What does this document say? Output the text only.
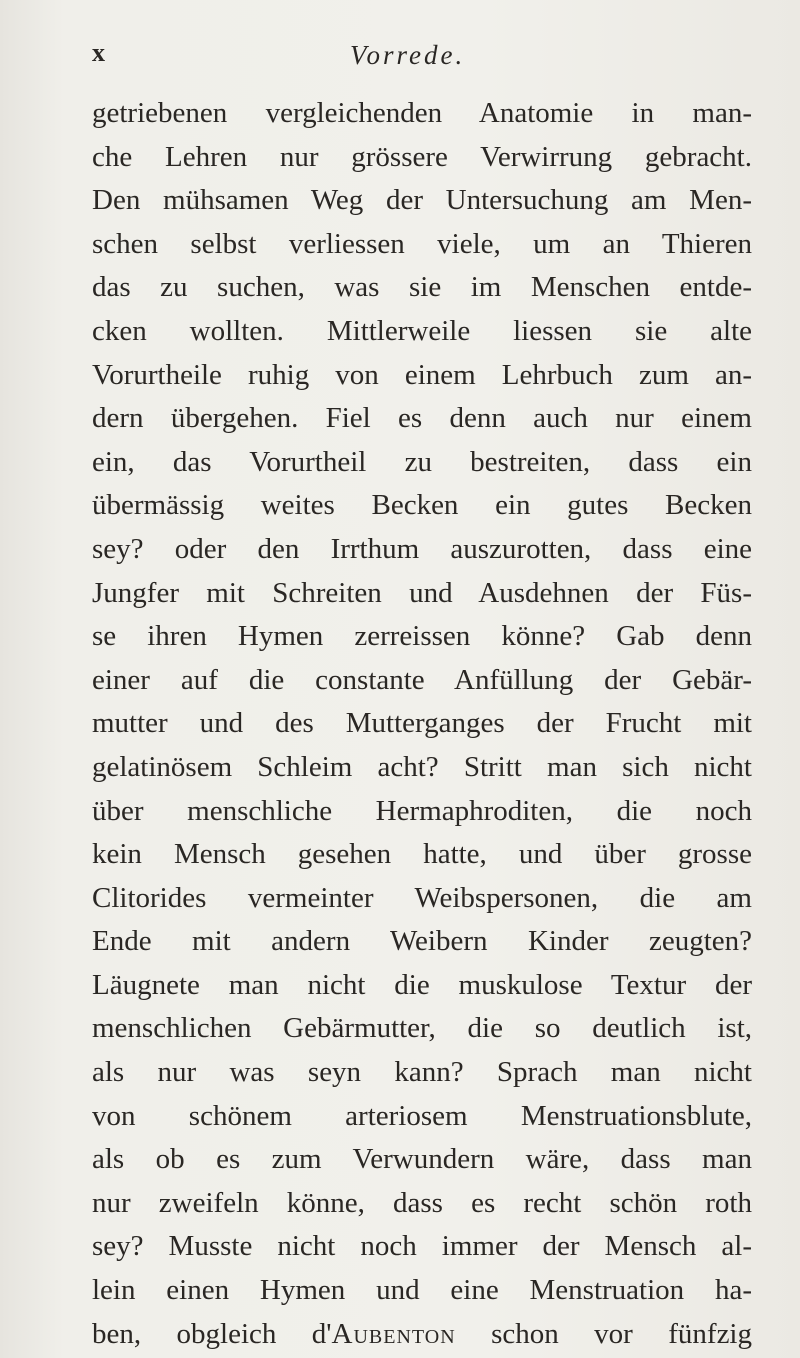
x	Vorrede.
getriebenen vergleichenden Anatomie in man-
che Lehren nur grössere Verwirrung gebracht.
Den mühsamen Weg der Untersuchung am Men-
schen selbst verliessen viele, um an Thieren
das zu suchen, was sie im Menschen entde-
cken wollten. Mittlerweile liessen sie alte
Vorurtheile ruhig von einem Lehrbuch zum an-
dern übergehen. Fiel es denn auch nur einem
ein, das Vorurtheil zu bestreiten, dass ein
übermässig weites Becken ein gutes Becken
sey? oder den Irrthum auszurotten, dass eine
Jungfer mit Schreiten und Ausdehnen der Füs-
se ihren Hymen zerreissen könne? Gab denn
einer auf die constante Anfüllung der Gebär-
mutter und des Mutterganges der Frucht mit
gelatinösem Schleim acht? Stritt man sich nicht
über menschliche Hermaphroditen, die noch
kein Mensch gesehen hatte, und über grosse
Clitorides vermeinter Weibspersonen, die am
Ende mit andern Weibern Kinder zeugten?
Läugnete man nicht die muskulose Textur der
menschlichen Gebärmutter, die so deutlich ist,
als nur was seyn kann? Sprach man nicht
von schönem arteriosem Menstruationsblute,
als ob es zum Verwundern wäre, dass man
nur zweifeln könne, dass es recht schön roth
sey? Musste nicht noch immer der Mensch al-
lein einen Hymen und eine Menstruation ha-
ben, obgleich d'Aubenton schon vor fünfzig
